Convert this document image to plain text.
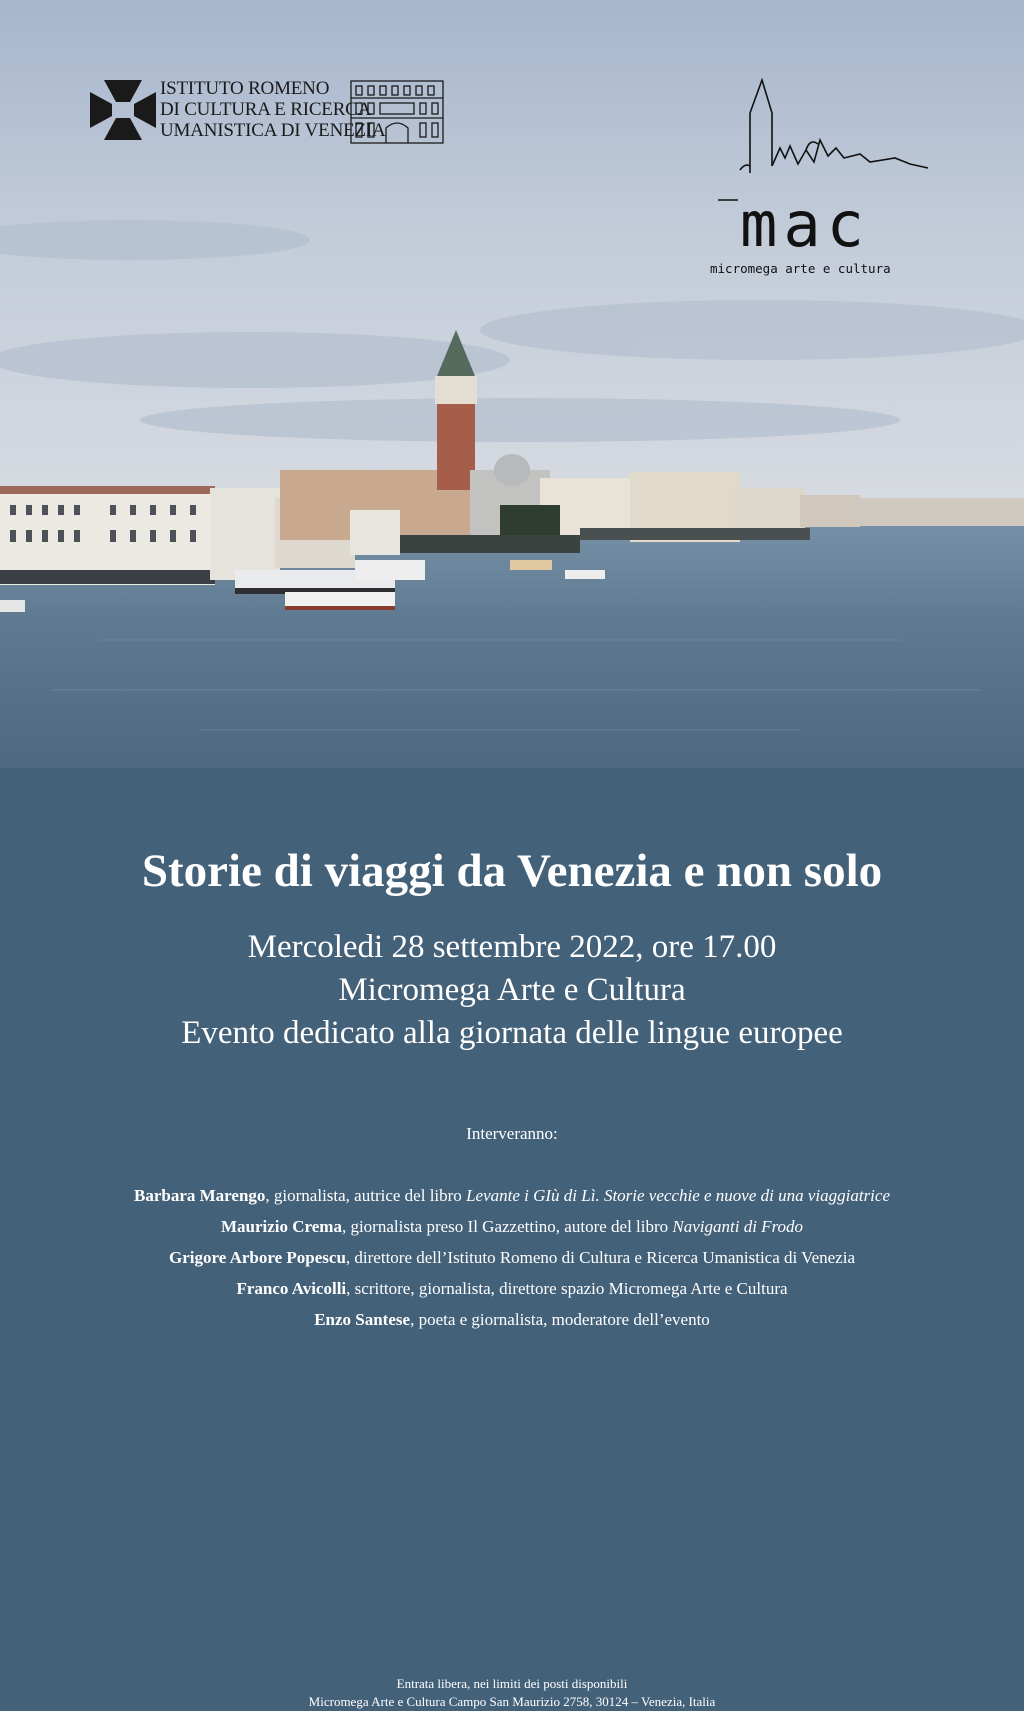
ISTITUTO ROMENO
DI CULTURA E RICERCA
UMANISTICA DI VENEZIA
mac
micromega arte e cultura
Storie di viaggi da Venezia e non solo
Mercoledi 28 settembre 2022, ore 17.00
Micromega Arte e Cultura
Evento dedicato alla giornata delle lingue europee
Interveranno:
Barbara Marengo, giornalista, autrice del libro Levante i GIù di Lì. Storie vecchie e nuove di una viaggiatrice
Maurizio Crema, giornalista preso Il Gazzettino, autore del libro Naviganti di Frodo
Grigore Arbore Popescu, direttore dell’Istituto Romeno di Cultura e Ricerca Umanistica di Venezia
Franco Avicolli, scrittore, giornalista, direttore spazio Micromega Arte e Cultura
Enzo Santese, poeta e giornalista, moderatore dell’evento
Entrata libera, nei limiti dei posti disponibili
Micromega Arte e Cultura Campo San Maurizio 2758, 30124 – Venezia, Italia
